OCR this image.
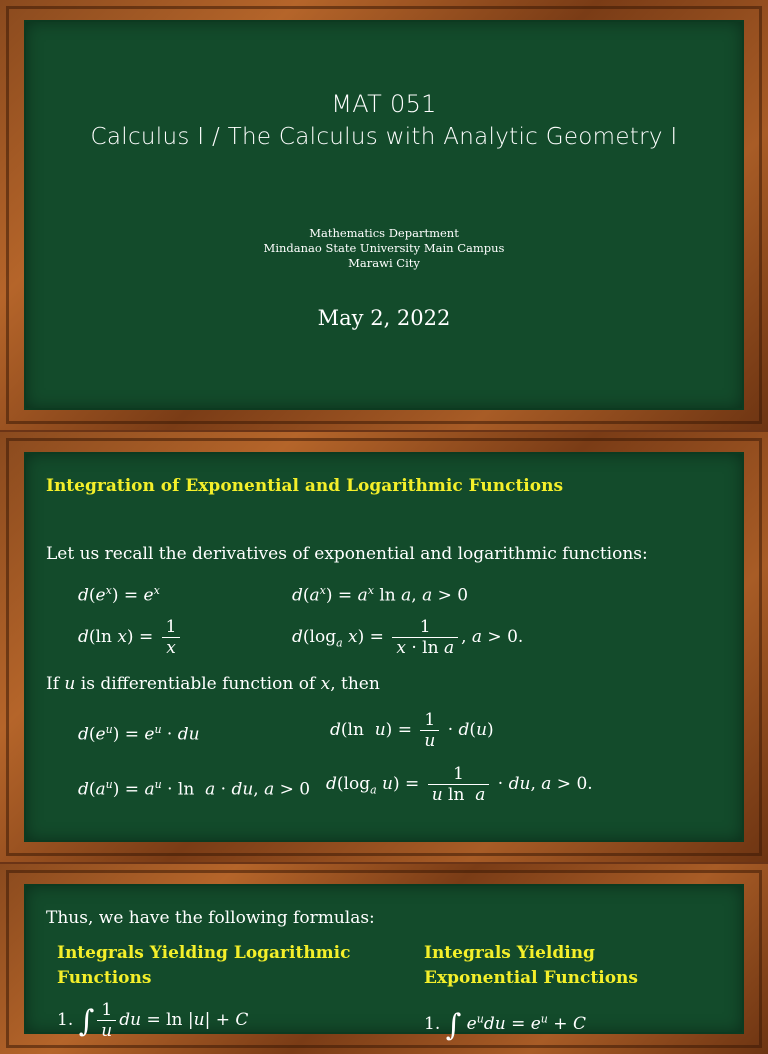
MAT 051
Calculus I / The Calculus with Analytic Geometry I
Mathematics Department
Mindanao State University Main Campus
Marawi City
May 2, 2022
Integration of Exponential and Logarithmic Functions
Let us recall the derivatives of exponential and logarithmic functions:
$d(e^x) = e^x$	$d(a^x) = a^x$ ln a, a > 0
d(ln $x) = \frac{1}{x}$	$d(\log_a$ $x) = \frac{1}{\text{x · ln a}}$ , a > 0.
If u is differentiable function of x, then
$d(e^u) = e^u$ · du	d(ln  $u) = \frac{1}{u} \cdot d(u)$
$d(a^u) = a^u \cdot \ln a$ · du, a > 0 $d(\log_a$ $u) = \frac{1}{\text{u ln  a}}$ · du, a > 0.
Thus, we have the following formulas:
Integrals Yielding Logarithmic
Functions
Integrals Yielding
Exponential Functions
1. ∫ $\frac{1}{u}$ du = ln |u| + C	1. ∫ $e^udu = e^u + C$
